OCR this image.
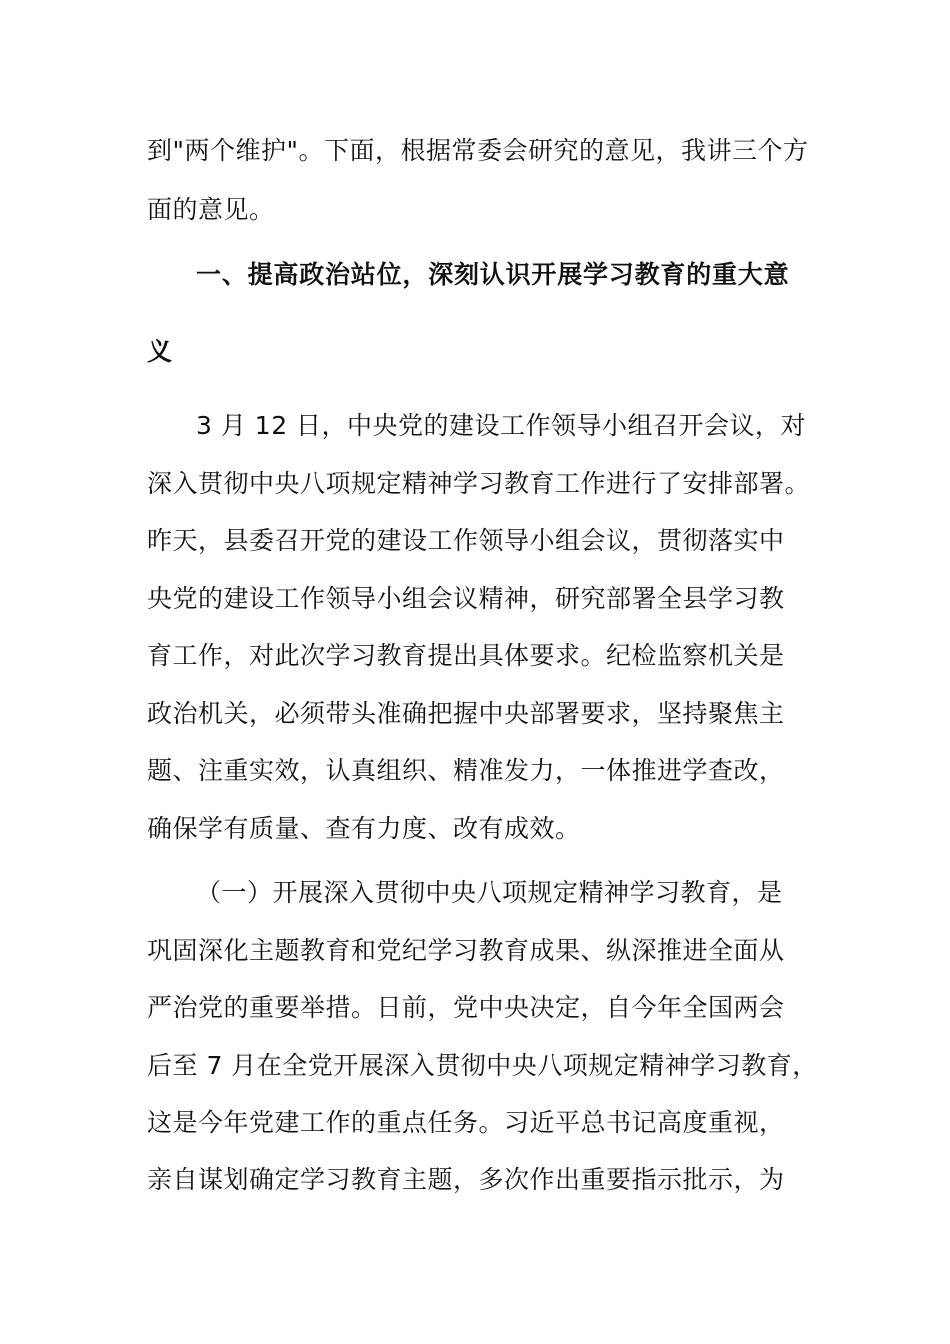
到"两个维护"。下面，根据常委会研究的意见，我讲三个方
面的意见。
一、提高政治站位，深刻认识开展学习教育的重大意
义
3 月 12 日，中央党的建设工作领导小组召开会议，对
深入贯彻中央八项规定精神学习教育工作进行了安排部署。
昨天，县委召开党的建设工作领导小组会议，贯彻落实中
央党的建设工作领导小组会议精神，研究部署全县学习教
育工作，对此次学习教育提出具体要求。纪检监察机关是
政治机关，必须带头准确把握中央部署要求，坚持聚焦主
题、注重实效，认真组织、精准发力，一体推进学查改，
确保学有质量、查有力度、改有成效。
（一）开展深入贯彻中央八项规定精神学习教育，是
巩固深化主题教育和党纪学习教育成果、纵深推进全面从
严治党的重要举措。日前，党中央决定，自今年全国两会
后至 7 月在全党开展深入贯彻中央八项规定精神学习教育，
这是今年党建工作的重点任务。习近平总书记高度重视，
亲自谋划确定学习教育主题，多次作出重要指示批示，为
